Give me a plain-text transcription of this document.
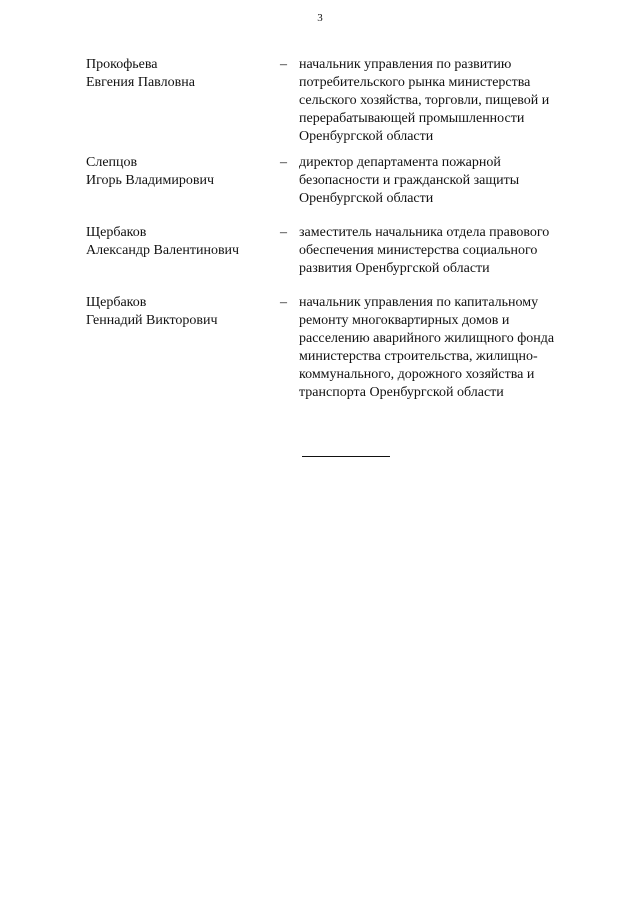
3
Прокофьева
Евгения Павловна
– начальник управления по развитию
потребительского рынка министерства
сельского хозяйства, торговли, пищевой и
перерабатывающей промышленности
Оренбургской области
Слепцов
Игорь Владимирович
– директор департамента пожарной
безопасности и гражданской защиты
Оренбургской области
Щербаков
Александр Валентинович
– заместитель начальника отдела правового
обеспечения министерства социального
развития Оренбургской области
Щербаков
Геннадий Викторович
– начальник управления по капитальному
ремонту многоквартирных домов и
расселению аварийного жилищного фонда
министерства строительства, жилищно-
коммунального, дорожного хозяйства и
транспорта Оренбургской области
